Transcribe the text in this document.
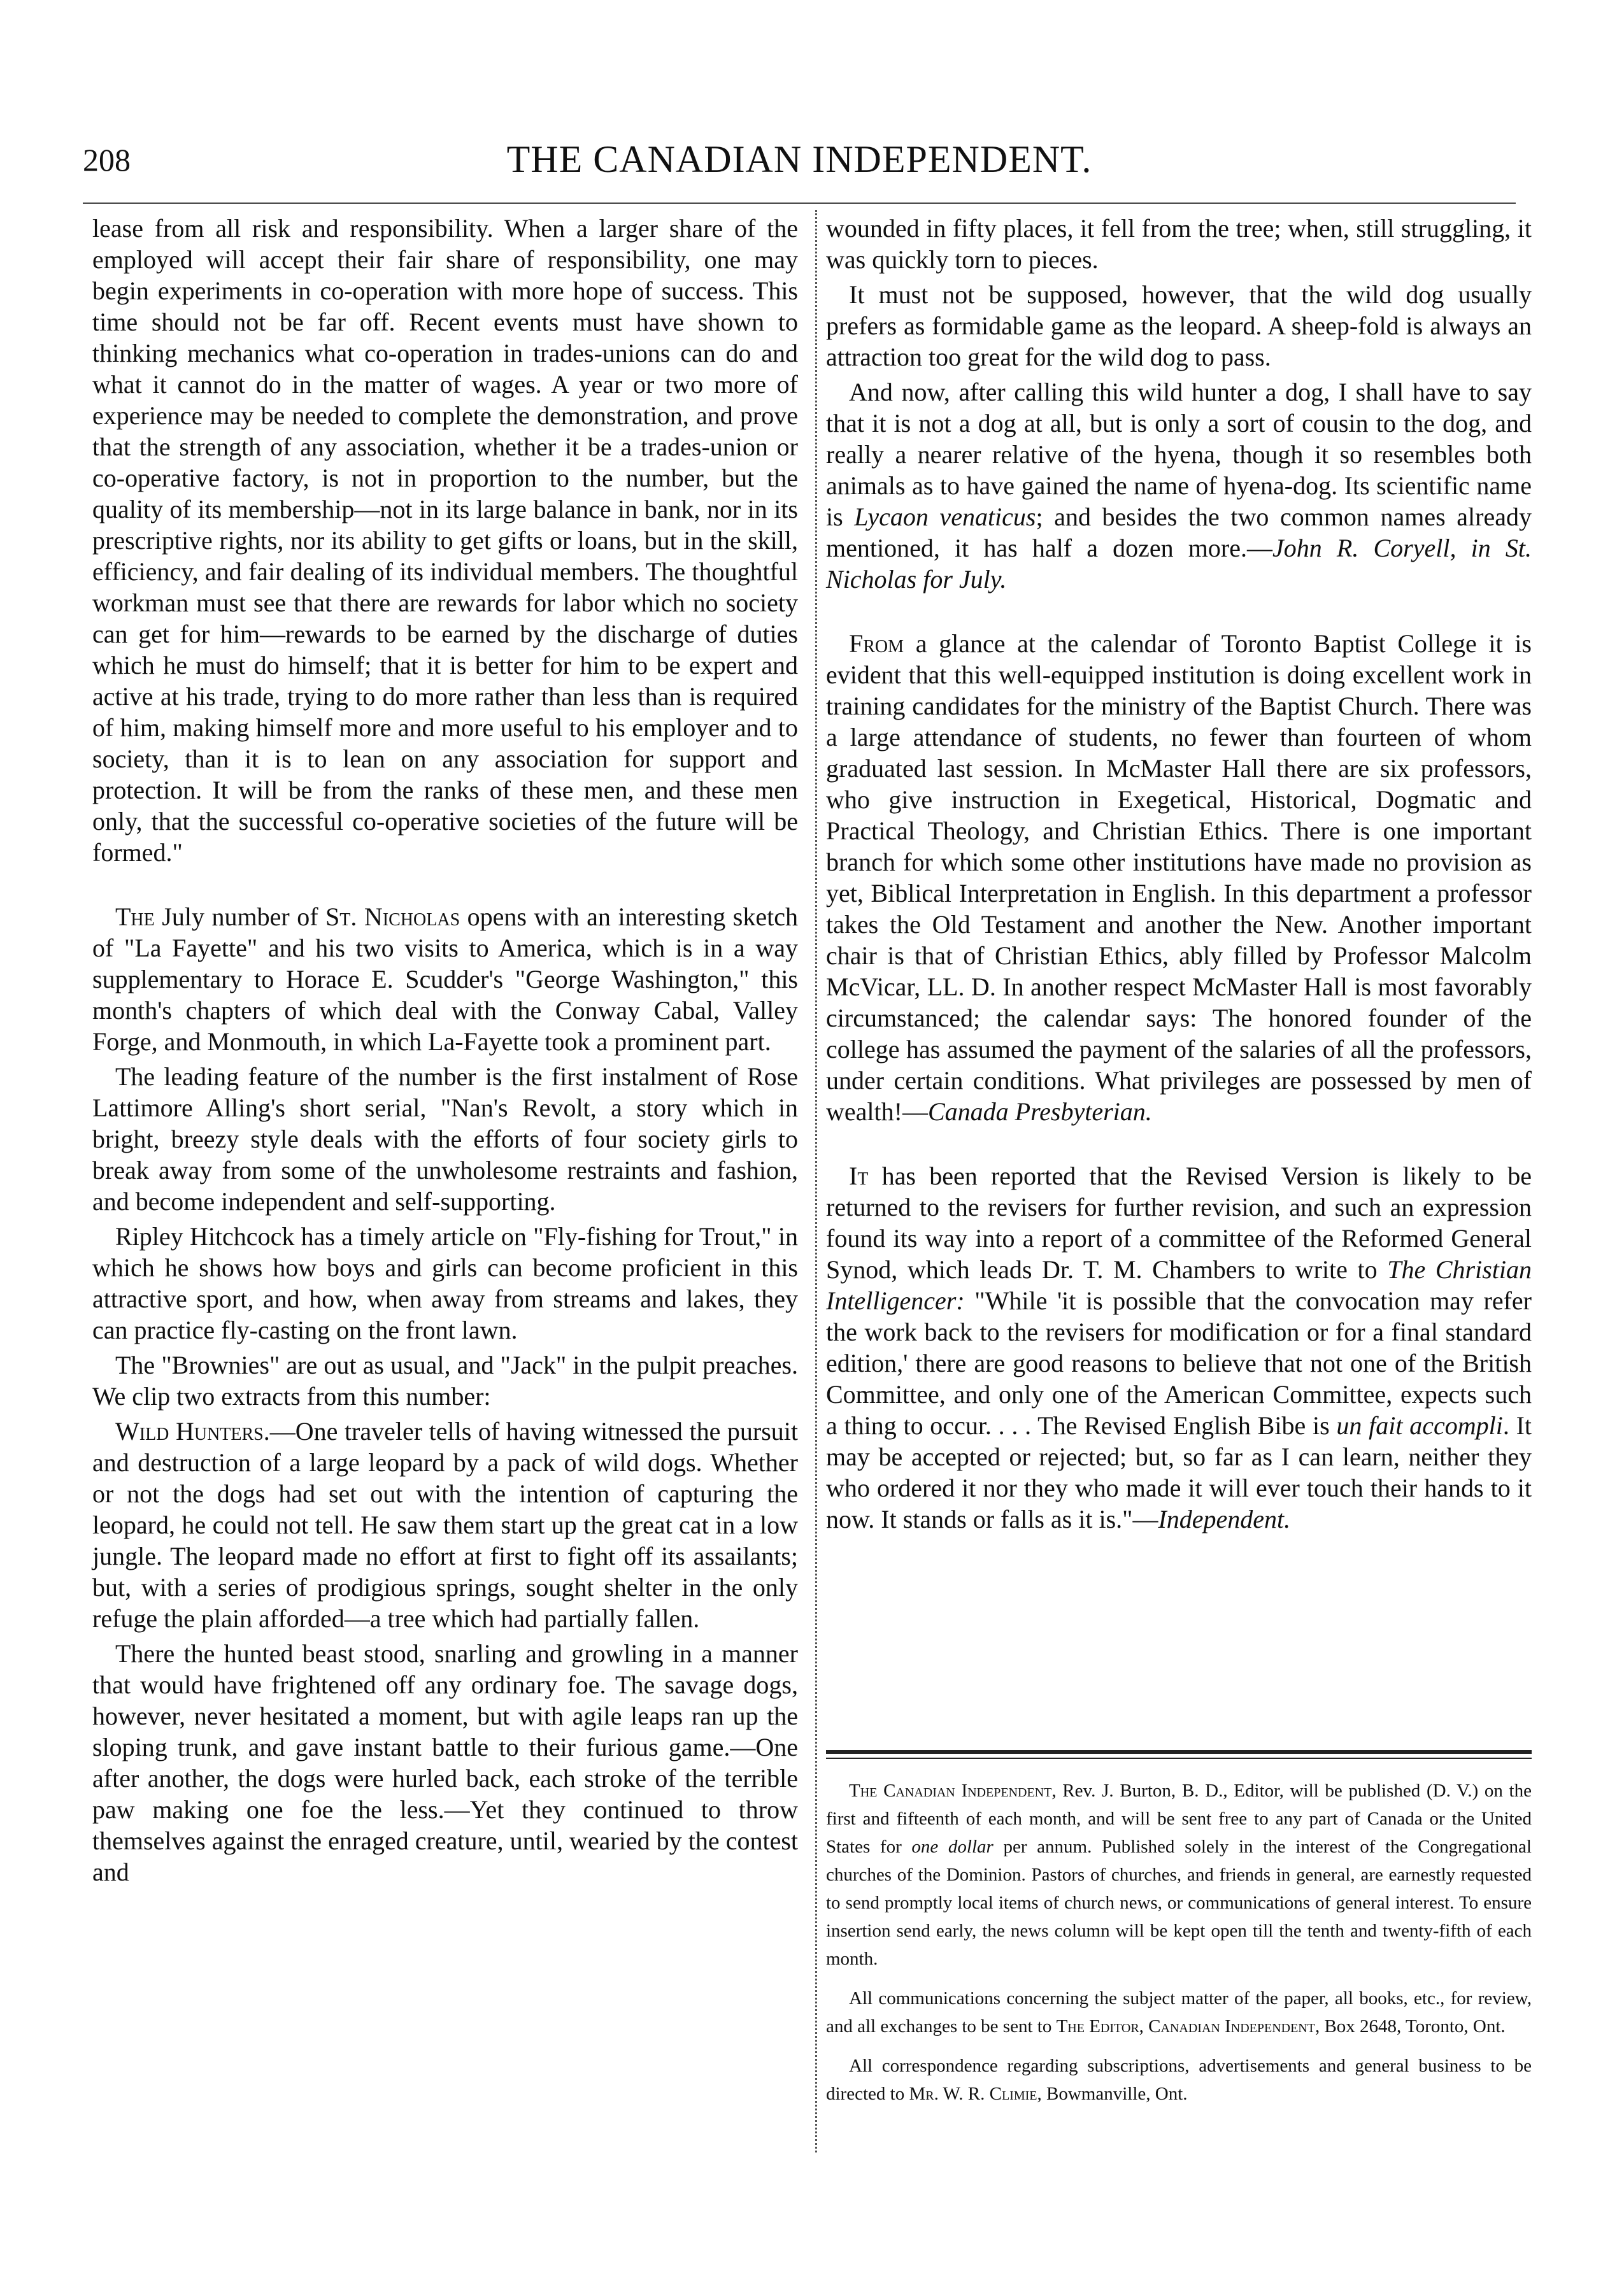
208	THE CANADIAN INDEPENDENT.

lease from all risk and responsibility. When a larger share of the employed will accept their fair share of responsibility, one may begin experiments in co-operation with more hope of success. This time should not be far off. Recent events must have shown to thinking mechanics what co-operation in trades-unions can do and what it cannot do in the matter of wages. A year or two more of experience may be needed to complete the demonstration, and prove that the strength of any association, whether it be a trades-union or co-operative factory, is not in proportion to the number, but the quality of its membership—not in its large balance in bank, nor in its prescriptive rights, nor its ability to get gifts or loans, but in the skill, efficiency, and fair dealing of its individual members. The thoughtful workman must see that there are rewards for labor which no society can get for him—rewards to be earned by the discharge of duties which he must do himself; that it is better for him to be expert and active at his trade, trying to do more rather than less than is required of him, making himself more and more useful to his employer and to society, than it is to lean on any association for support and protection. It will be from the ranks of these men, and these men only, that the successful co-operative societies of the future will be formed."

The July number of St. Nicholas opens with an interesting sketch of "La Fayette" and his two visits to America, which is in a way supplementary to Horace E. Scudder's "George Washington," this month's chapters of which deal with the Conway Cabal, Valley Forge, and Monmouth, in which La-Fayette took a prominent part.

The leading feature of the number is the first instalment of Rose Lattimore Alling's short serial, "Nan's Revolt, a story which in bright, breezy style deals with the efforts of four society girls to break away from some of the unwholesome restraints and fashion, and become independent and self-supporting.

Ripley Hitchcock has a timely article on "Fly-fishing for Trout," in which he shows how boys and girls can become proficient in this attractive sport, and how, when away from streams and lakes, they can practice fly-casting on the front lawn.

The "Brownies" are out as usual, and "Jack" in the pulpit preaches. We clip two extracts from this number:

Wild Hunters.—One traveler tells of having witnessed the pursuit and destruction of a large leopard by a pack of wild dogs. Whether or not the dogs had set out with the intention of capturing the leopard, he could not tell. He saw them start up the great cat in a low jungle. The leopard made no effort at first to fight off its assailants; but, with a series of prodigious springs, sought shelter in the only refuge the plain afforded—a tree which had partially fallen.

There the hunted beast stood, snarling and growling in a manner that would have frightened off any ordinary foe. The savage dogs, however, never hesitated a moment, but with agile leaps ran up the sloping trunk, and gave instant battle to their furious game.—One after another, the dogs were hurled back, each stroke of the terrible paw making one foe the less.—Yet they continued to throw themselves against the enraged creature, until, wearied by the contest and

wounded in fifty places, it fell from the tree; when, still struggling, it was quickly torn to pieces.

It must not be supposed, however, that the wild dog usually prefers as formidable game as the leopard. A sheep-fold is always an attraction too great for the wild dog to pass.

And now, after calling this wild hunter a dog, I shall have to say that it is not a dog at all, but is only a sort of cousin to the dog, and really a nearer relative of the hyena, though it so resembles both animals as to have gained the name of hyena-dog. Its scientific name is Lycaon venaticus; and besides the two common names already mentioned, it has half a dozen more.—John R. Coryell, in St. Nicholas for July.

From a glance at the calendar of Toronto Baptist College it is evident that this well-equipped institution is doing excellent work in training candidates for the ministry of the Baptist Church. There was a large attendance of students, no fewer than fourteen of whom graduated last session. In McMaster Hall there are six professors, who give instruction in Exegetical, Historical, Dogmatic and Practical Theology, and Christian Ethics. There is one important branch for which some other institutions have made no provision as yet, Biblical Interpretation in English. In this department a professor takes the Old Testament and another the New. Another important chair is that of Christian Ethics, ably filled by Professor Malcolm McVicar, LL. D. In another respect McMaster Hall is most favorably circumstanced; the calendar says: The honored founder of the college has assumed the payment of the salaries of all the professors, under certain conditions. What privileges are possessed by men of wealth!—Canada Presbyterian.

It has been reported that the Revised Version is likely to be returned to the revisers for further revision, and such an expression found its way into a report of a committee of the Reformed General Synod, which leads Dr. T. M. Chambers to write to The Christian Intelligencer: "While 'it is possible that the convocation may refer the work back to the revisers for modification or for a final standard edition,' there are good reasons to believe that not one of the British Committee, and only one of the American Committee, expects such a thing to occur. . . . The Revised English Bibe is un fait accompli. It may be accepted or rejected; but, so far as I can learn, neither they who ordered it nor they who made it will ever touch their hands to it now. It stands or falls as it is."—Independent.

The Canadian Independent, Rev. J. Burton, B. D., Editor, will be published (D. V.) on the first and fifteenth of each month, and will be sent free to any part of Canada or the United States for one dollar per annum. Published solely in the interest of the Congregational churches of the Dominion. Pastors of churches, and friends in general, are earnestly requested to send promptly local items of church news, or communications of general interest. To ensure insertion send early, the news column will be kept open till the tenth and twenty-fifth of each month.

All communications concerning the subject matter of the paper, all books, etc., for review, and all exchanges to be sent to The Editor, Canadian Independent, Box 2648, Toronto, Ont.

All correspondence regarding subscriptions, advertisements and general business to be directed to Mr. W. R. Climie, Bowmanville, Ont.
